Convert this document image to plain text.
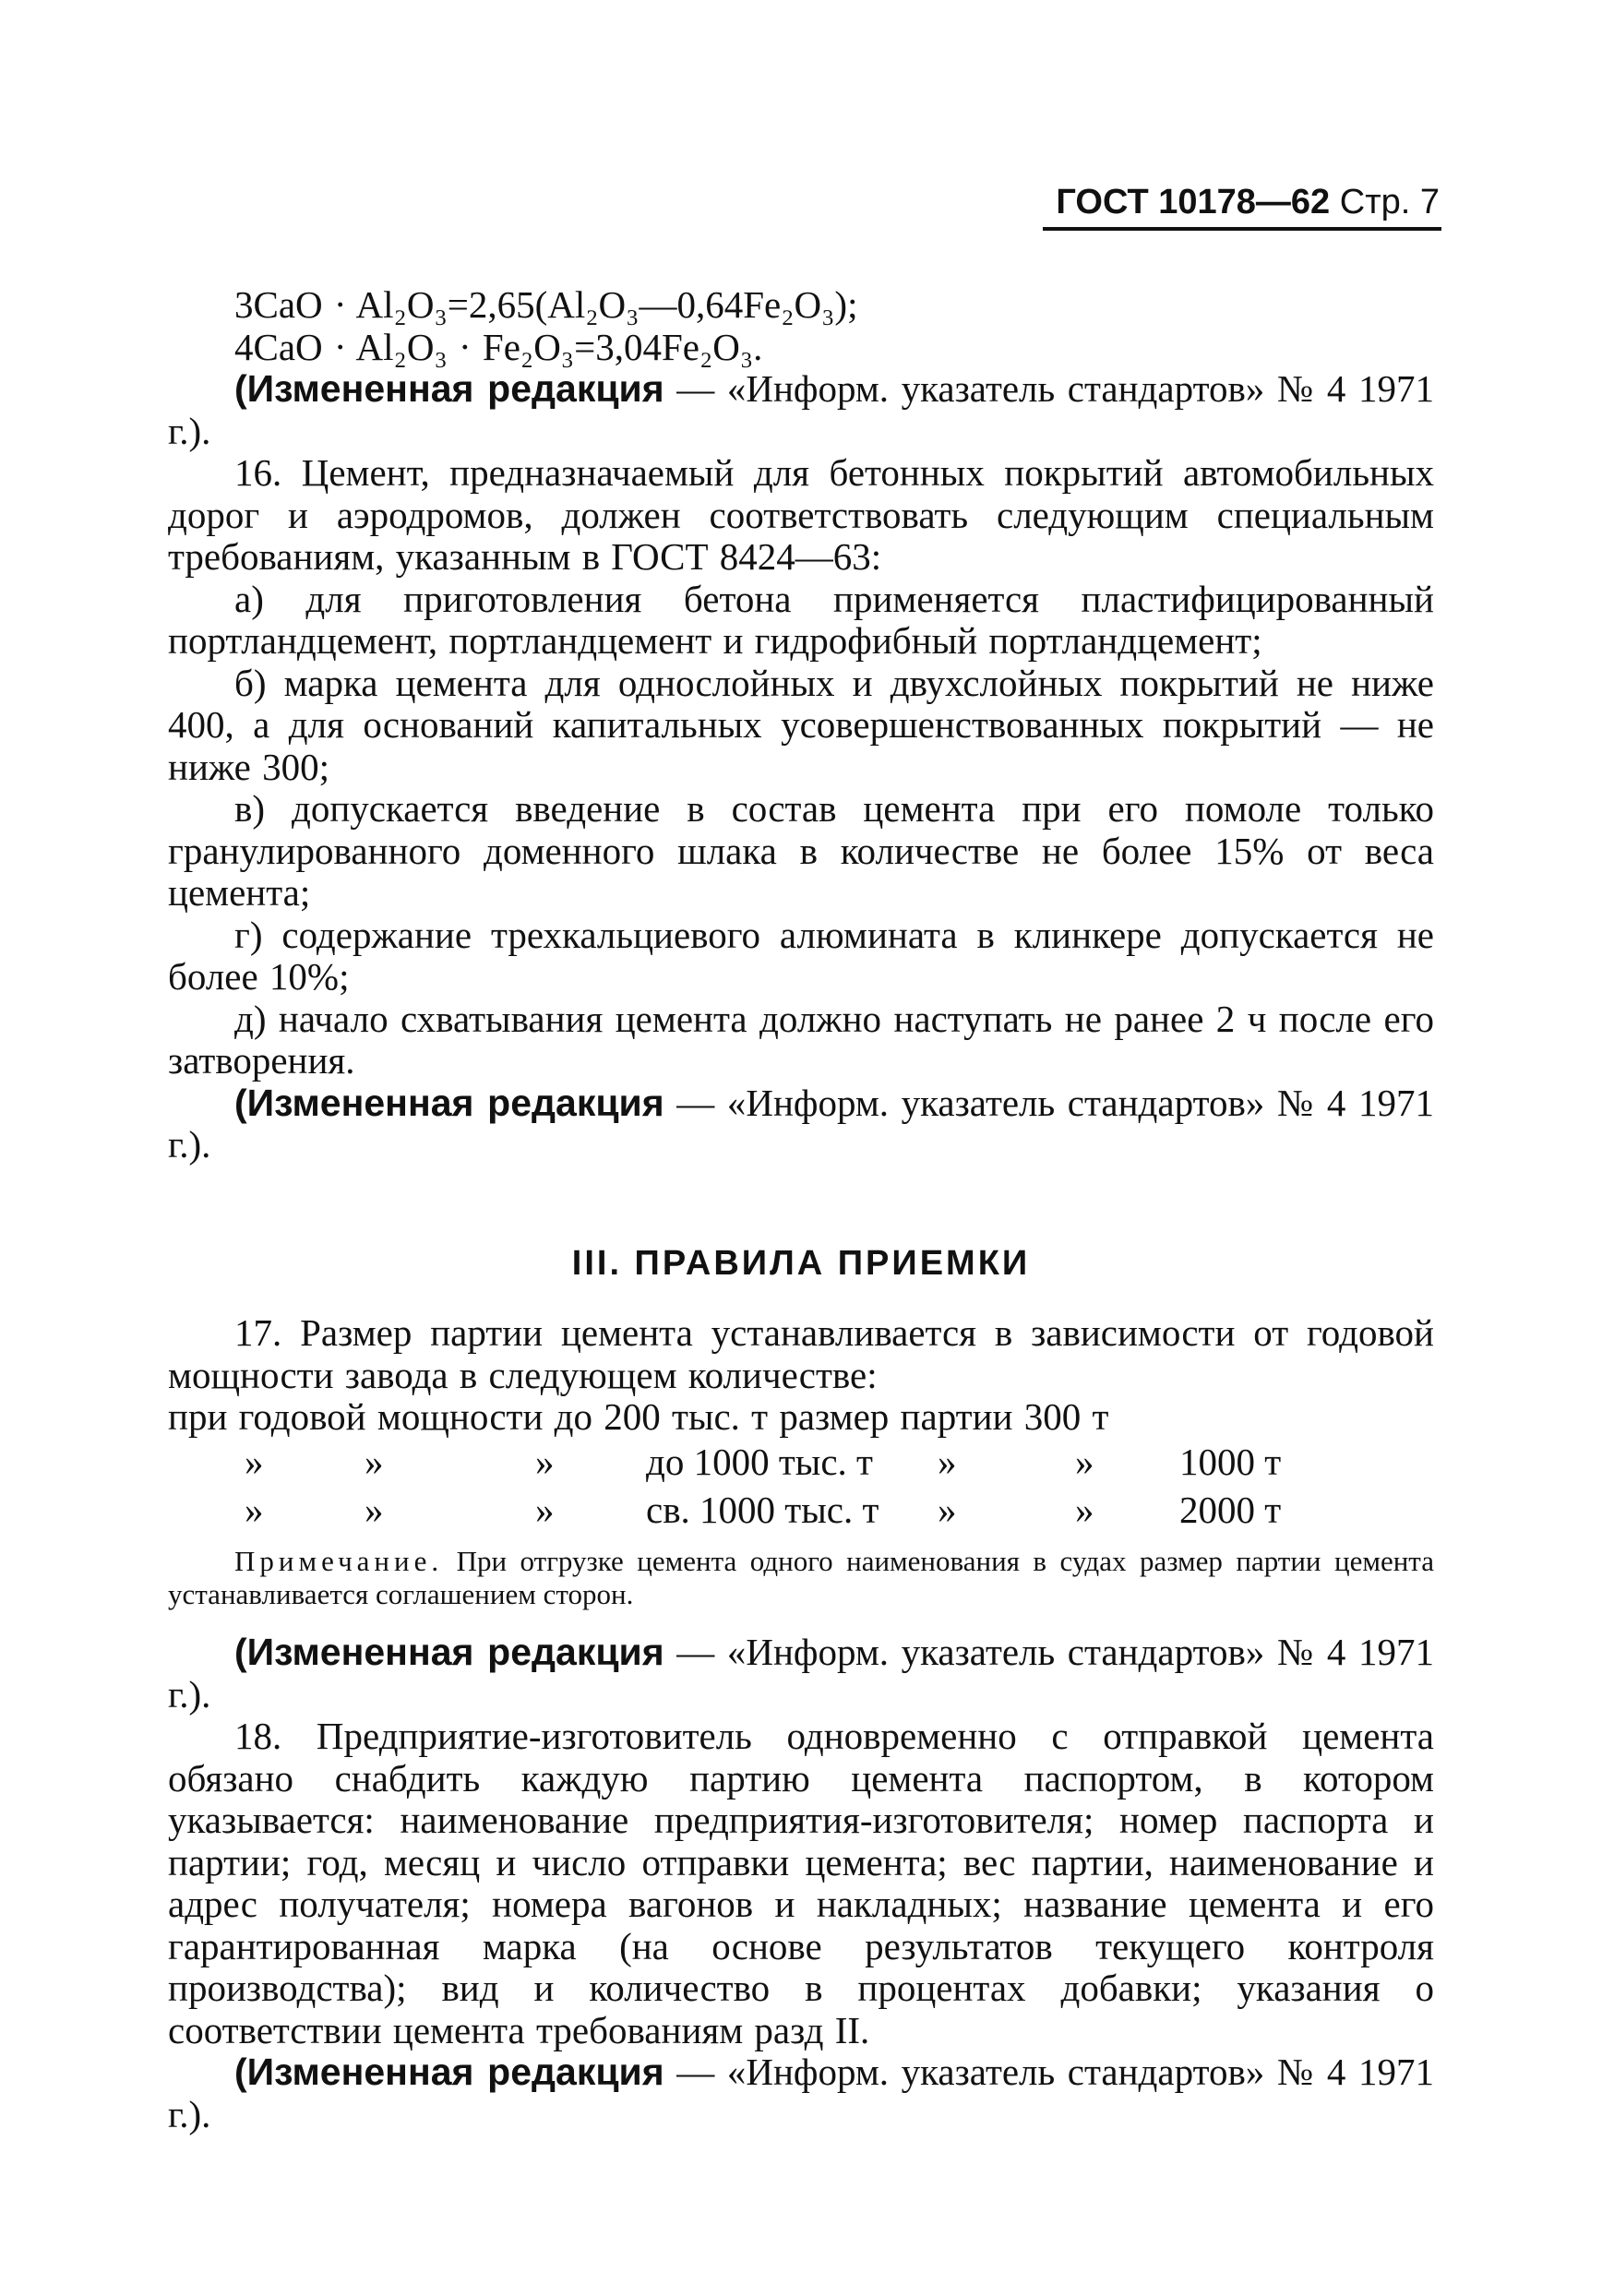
ГОСТ 10178—62 Стр. 7

3CaO · Al₂O₃=2,65(Al₂O₃—0,64Fe₂O₃);

4CaO · Al₂O₃ · Fe₂O₃=3,04Fe₂O₃.

(Измененная редакция — «Информ. указатель стандартов» № 4 1971 г.).

16. Цемент, предназначаемый для бетонных покрытий автомобильных дорог и аэродромов, должен соответствовать следующим специальным требованиям, указанным в ГОСТ 8424—63:

а) для приготовления бетона применяется пластифицированный портландцемент, портландцемент и гидрофибный портландцемент;

б) марка цемента для однослойных и двухслойных покрытий не ниже 400, а для оснований капитальных усовершенствованных покрытий — не ниже 300;

в) допускается введение в состав цемента при его помоле только гранулированного доменного шлака в количестве не более 15% от веса цемента;

г) содержание трехкальциевого алюмината в клинкере допускается не более 10%;

д) начало схватывания цемента должно наступать не ранее 2 ч после его затворения.

(Измененная редакция — «Информ. указатель стандартов» № 4 1971 г.).

III. ПРАВИЛА ПРИЕМКИ

17. Размер партии цемента устанавливается в зависимости от годовой мощности завода в следующем количестве:

при годовой мощности до 200 тыс. т размер партии 300 т

»	»	» до 1000 тыс. т »	» 1000 т
»	»	» св. 1000 тыс. т »	» 2000 т
Примечание. При отгрузке цемента одного наименования в судах размер партии цемента устанавливается соглашением сторон.

(Измененная редакция — «Информ. указатель стандартов» № 4 1971 г.).

18. Предприятие-изготовитель одновременно с отправкой цемента обязано снабдить каждую партию цемента паспортом, в котором указывается: наименование предприятия-изготовителя; номер паспорта и партии; год, месяц и число отправки цемента; вес партии, наименование и адрес получателя; номера вагонов и накладных; название цемента и его гарантированная марка (на основе результатов текущего контроля производства); вид и количество в процентах добавки; указания о соответствии цемента требованиям разд II.

(Измененная редакция — «Информ. указатель стандартов» № 4 1971 г.).
